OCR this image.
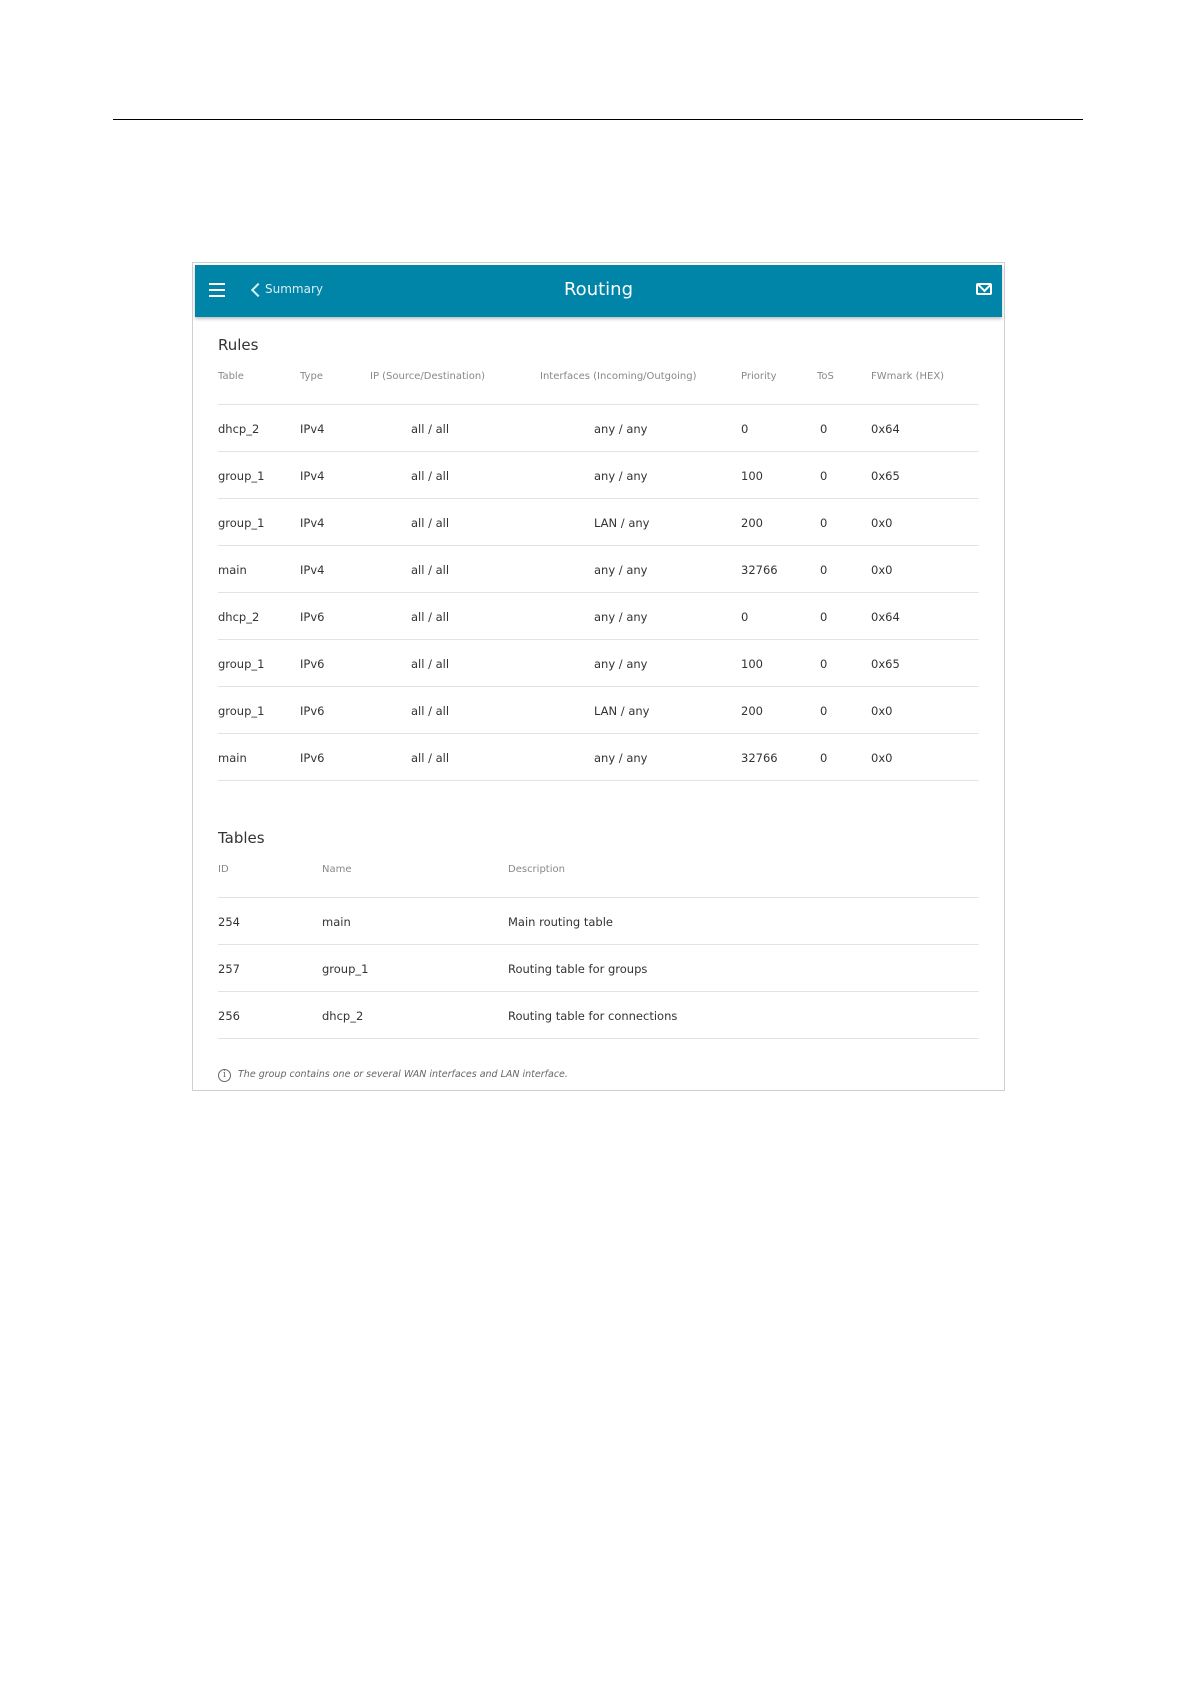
Summary	Routing
Rules
Table	Type	IP (Source/Destination)	Interfaces (Incoming/Outgoing)	Priority	ToS	FWmark (HEX)
dhcp_2	IPv4	all / all	any / any	0	0	0x64
group_1	IPv4	all / all	any / any	100	0	0x65
group_1	IPv4	all / all	LAN / any	200	0	0x0
main	IPv4	all / all	any / any	32766	0	0x0
dhcp_2	IPv6	all / all	any / any	0	0	0x64
group_1	IPv6	all / all	any / any	100	0	0x65
group_1	IPv6	all / all	LAN / any	200	0	0x0
main	IPv6	all / all	any / any	32766	0	0x0
Tables
ID	Name	Description
254	main	Main routing table
257	group_1	Routing table for groups
256	dhcp_2	Routing table for connections
i	The group contains one or several WAN interfaces and LAN interface.
